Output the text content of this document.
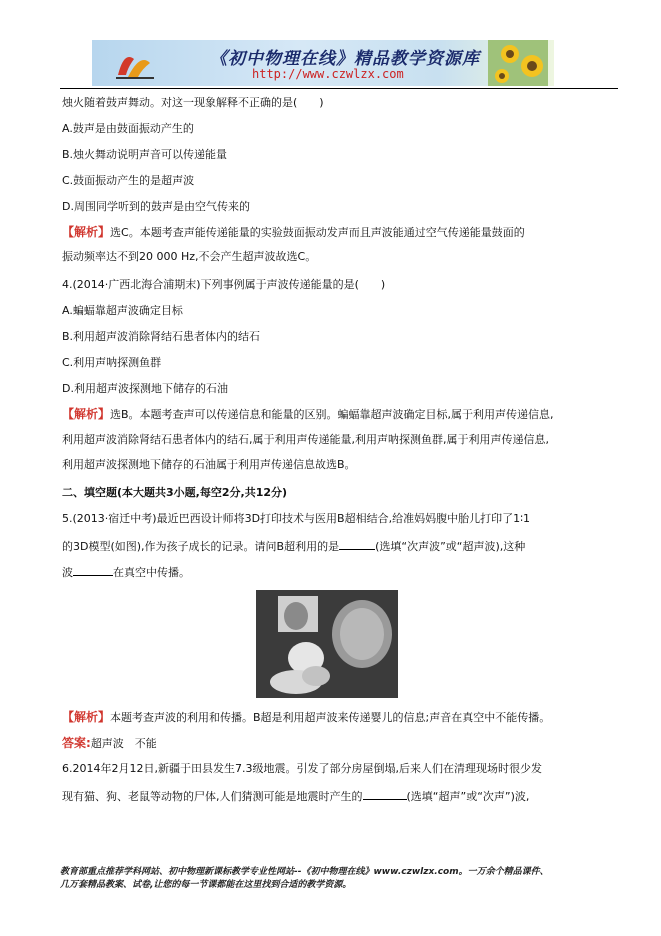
《初中物理在线》精品教学资源库
http://www.czwlzx.com
烛火随着鼓声舞动。对这一现象解释不正确的是(　　)
A.鼓声是由鼓面振动产生的
B.烛火舞动说明声音可以传递能量
C.鼓面振动产生的是超声波
D.周围同学听到的鼓声是由空气传来的
【解析】选C。本题考查声能传递能量的实验鼓面振动发声而且声波能通过空气传递能量鼓面的
振动频率达不到20 000 Hz,不会产生超声波故选C。
4.(2014·广西北海合浦期末)下列事例属于声波传递能量的是(　　)
A.蝙蝠靠超声波确定目标
B.利用超声波消除肾结石患者体内的结石
C.利用声呐探测鱼群
D.利用超声波探测地下储存的石油
【解析】选B。本题考查声可以传递信息和能量的区别。蝙蝠靠超声波确定目标,属于利用声传递信息,
利用超声波消除肾结石患者体内的结石,属于利用声传递能量,利用声呐探测鱼群,属于利用声传递信息,
利用超声波探测地下储存的石油属于利用声传递信息故选B。
二、填空题(本大题共3小题,每空2分,共12分)
5.(2013·宿迁中考)最近巴西设计师将3D打印技术与医用B超相结合,给准妈妈腹中胎儿打印了1∶1
的3D模型(如图),作为孩子成长的记录。请问B超利用的是	(选填“次声波”或“超声波),这种
波	在真空中传播。
【解析】本题考查声波的利用和传播。B超是利用超声波来传递婴儿的信息;声音在真空中不能传播。
答案:超声波　不能
6.2014年2月12日,新疆于田县发生7.3级地震。引发了部分房屋倒塌,后来人们在清理现场时很少发
现有猫、狗、老鼠等动物的尸体,人们猜测可能是地震时产生的	(选填“超声”或“次声”)波,
教育部重点推荐学科网站、初中物理新课标教学专业性网站--《初中物理在线》www.czwlzx.com。一万余个精品课件、
几万套精品教案、试卷,让您的每一节课都能在这里找到合适的教学资源。
